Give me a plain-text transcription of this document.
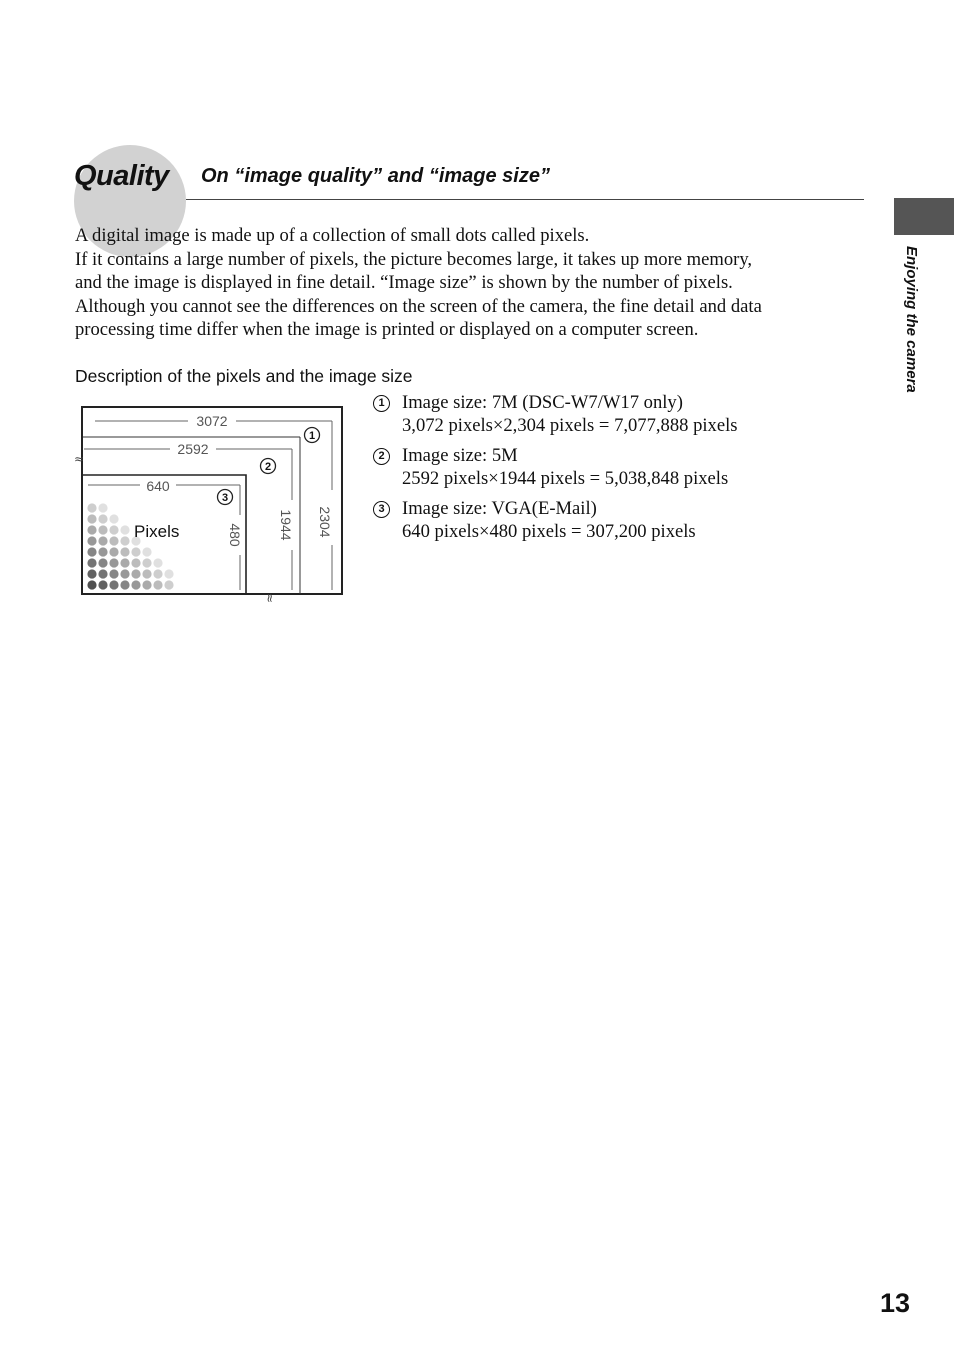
Quality On “image quality” and “image size”

A digital image is made up of a collection of small dots called pixels.
If it contains a large number of pixels, the picture becomes large, it takes up more memory,
and the image is displayed in fine detail. “Image size” is shown by the number of pixels.
Although you cannot see the differences on the screen of the camera, the fine detail and data
processing time differ when the image is printed or displayed on a computer screen.

Description of the pixels and the image size

3072
2304
2592
1944
640
480
1
2
3
≈
≈
Pixels
1 Image size: 7M (DSC-W7/W17 only)
3,072 pixels×2,304 pixels = 7,077,888 pixels
2 Image size: 5M
2592 pixels×1944 pixels = 5,038,848 pixels
3 Image size: VGA(E-Mail)
640 pixels×480 pixels = 307,200 pixels
Enjoying the camera

13
